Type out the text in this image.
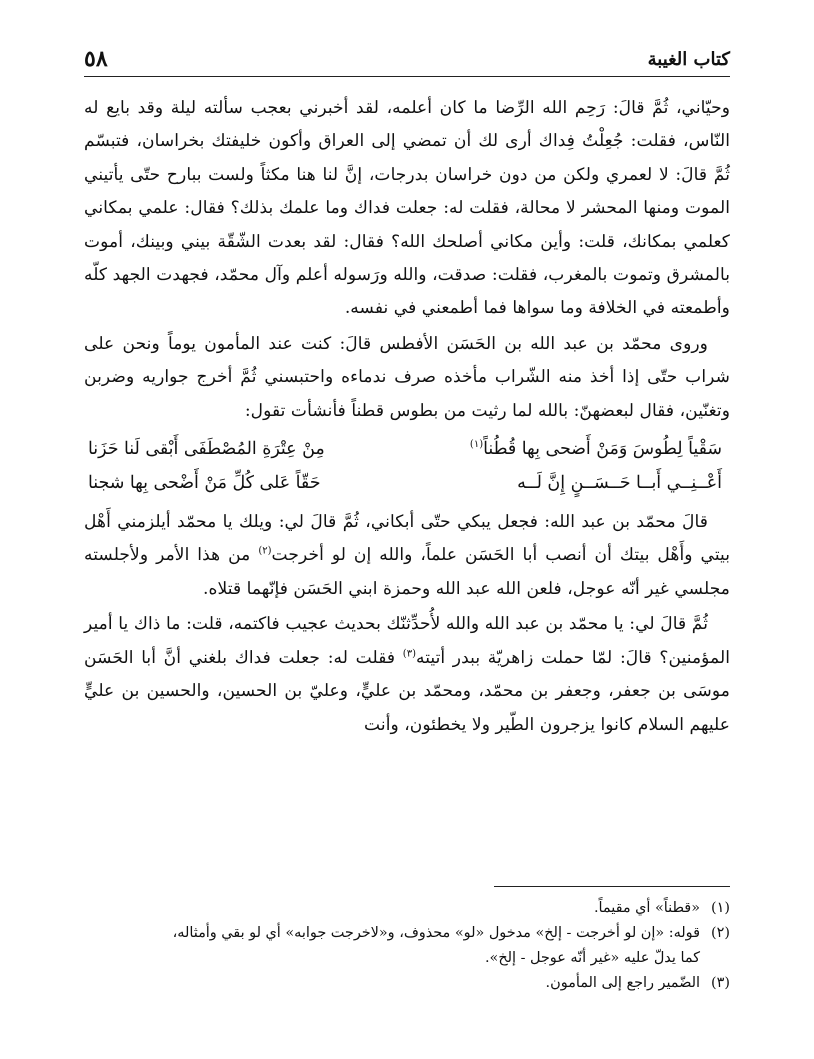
كتاب الغيبة
٥٨

وحيّاني، ثُمَّ قالَ: رَحِم الله الرِّضا ما كان أعلمه، لقد أخبرني بعجب سألته ليلة وقد بايع له النّاس، فقلت: جُعِلْتُ فِداك أرى لك أن تمضي إلى العراق وأكون خليفتك بخراسان، فتبسّم ثُمَّ قالَ: لا لعمري ولكن من دون خراسان بدرجات، إنَّ لنا هنا مكثاً ولست ببارح حتّى يأتيني الموت ومنها المحشر لا محالة، فقلت له: جعلت فداك وما علمك بذلك؟ فقال: علمي بمكاني كعلمي بمكانك، قلت: وأين مكاني أصلحك الله؟ فقال: لقد بعدت الشّقّة بيني وبينك، أموت بالمشرق وتموت بالمغرب، فقلت: صدقت، والله ورَسوله أعلم وآل محمّد، فجهدت الجهد كلّه وأطمعته في الخلافة وما سواها فما أطمعني في نفسه.

وروى محمّد بن عبد الله بن الحَسَن الأفطس قالَ: كنت عند المأمون يوماً ونحن على شراب حتّى إذا أخذ منه الشّراب مأخذه صرف ندماءه واحتبسني ثُمَّ أخرج جواريه وضربن وتغنّين، فقال لبعضهنّ: بالله لما رثيت من بطوس قطناً فأنشأت تقول:

سَقْياً لِطُوسَ وَمَنْ أَضحى بِها قُطُناً$^{(١)}$
مِنْ عِتْرَةِ المُصْطَفَى أَبْقى لَنا حَزَنا
أَعْــنِــي أَبــا حَــسَــنٍ إِنَّ لَــه
حَقّاً عَلى كُلِّ مَنْ أَضْحى بِها شجنا

قالَ محمّد بن عبد الله: فجعل يبكي حتّى أبكاني، ثُمَّ قالَ لي: ويلك يا محمّد أيلزمني أَهْل بيتي وأَهْل بيتك أن أنصب أبا الحَسَن علماً، والله إن لو أخرجت$^{(٢)}$ من هذا الأمر ولأجلسته مجلسي غير أنّه عوجل، فلعن الله عبد الله وحمزة ابني الحَسَن فإنّهما قتلاه.

ثُمَّ قالَ لي: يا محمّد بن عبد الله والله لأُحدِّثنّك بحديث عجيب فاكتمه، قلت: ما ذاك يا أمير المؤمنين؟ قالَ: لمّا حملت زاهريّة ببدر أتيته$^{(٣)}$ فقلت له: جعلت فداك بلغني أنَّ أبا الحَسَن موسَى بن جعفر، وجعفر بن محمّد، ومحمّد بن عليٍّ، وعليّ بن الحسين، والحسين بن عليٍّ عليهم السلام كانوا يزجرون الطّير ولا يخطئون، وأنت

(١)
«قطناً» أي مقيماً.

(٢)
قوله: «إن لو أخرجت - إلخ» مدخول «لو» محذوف، و«لاخرجت جوابه» أي لو بقي وأمثاله،

كما يدلّ عليه «غير أنّه عوجل - إلخ».

(٣)
الضّمير راجع إلى المأمون.
